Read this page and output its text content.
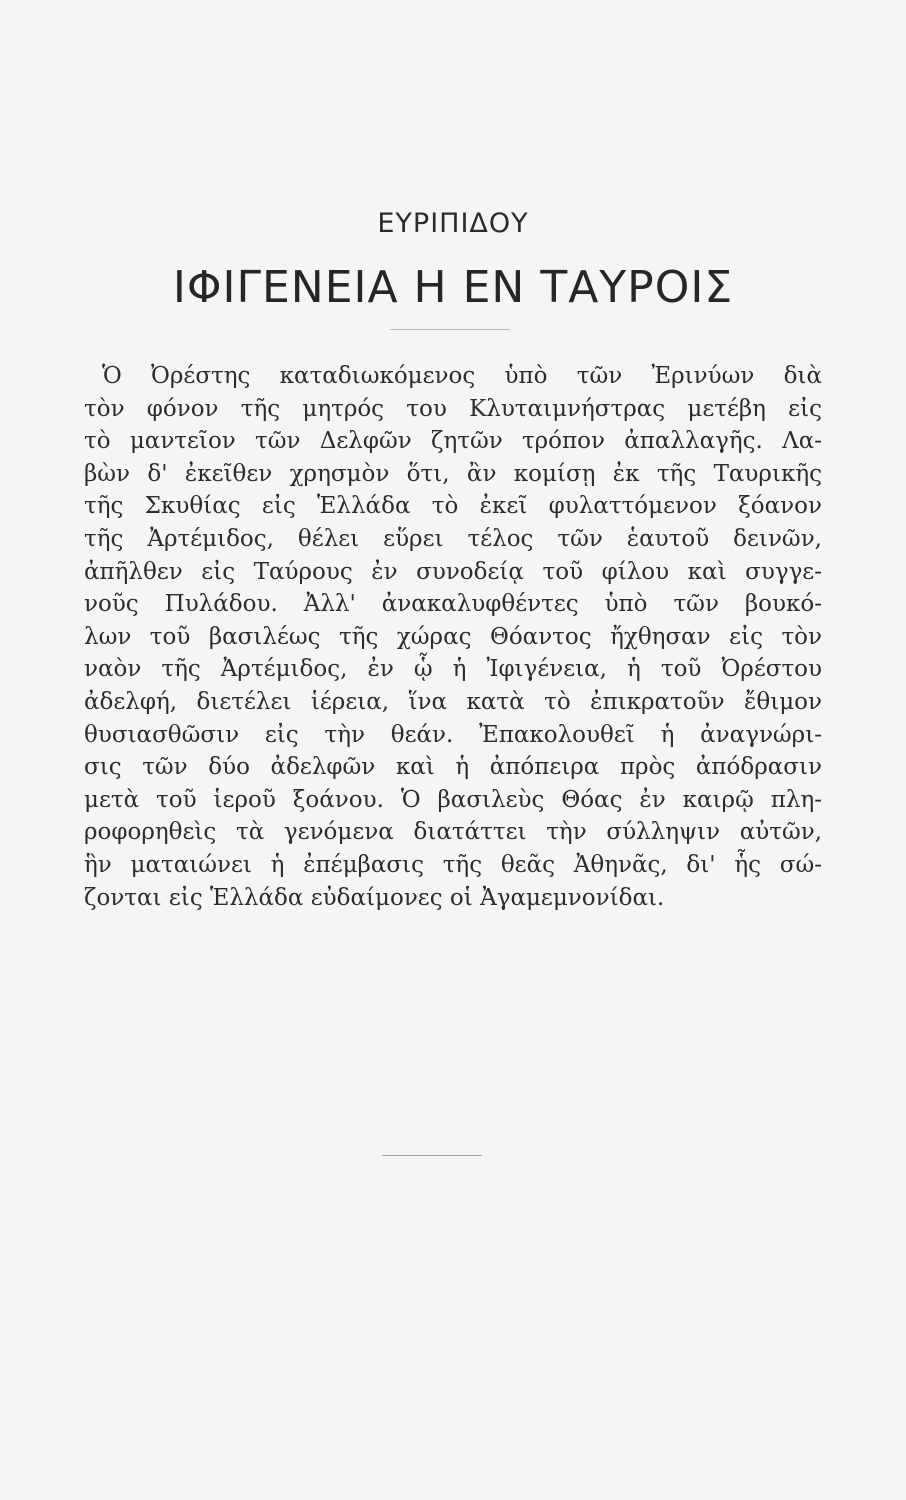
ΕΥΡΙΠΙΔΟΥ
ΙΦΙΓΕΝΕΙΑ Η ΕΝ ΤΑΥΡΟΙΣ
Ὁ Ὀρέστης καταδιωκόμενος ὑπὸ τῶν Ἐρινύων διὰ
τὸν φόνον τῆς μητρός του Κλυταιμνήστρας μετέβη εἰς
τὸ μαντεῖον τῶν Δελφῶν ζητῶν τρόπον ἀπαλλαγῆς. Λα-
βὼν δ' ἐκεῖθεν χρησμὸν ὅτι, ἂν κομίσῃ ἐκ τῆς Ταυρικῆς
τῆς Σκυθίας εἰς Ἑλλάδα τὸ ἐκεῖ φυλαττόμενον ξόανον
τῆς Ἀρτέμιδος, θέλει εὕρει τέλος τῶν ἑαυτοῦ δεινῶν,
ἀπῆλθεν εἰς Ταύρους ἐν συνοδείᾳ τοῦ φίλου καὶ συγγε-
νοῦς Πυλάδου. Ἀλλ' ἀνακαλυφθέντες ὑπὸ τῶν βουκό-
λων τοῦ βασιλέως τῆς χώρας Θόαντος ἤχθησαν εἰς τὸν
ναὸν τῆς Ἀρτέμιδος, ἐν ᾧ ἡ Ἰφιγένεια, ἡ τοῦ Ὀρέστου
ἀδελφή, διετέλει ἱέρεια, ἵνα κατὰ τὸ ἐπικρατοῦν ἔθιμον
θυσιασθῶσιν εἰς τὴν θεάν. Ἐπακολουθεῖ ἡ ἀναγνώρι-
σις τῶν δύο ἀδελφῶν καὶ ἡ ἀπόπειρα πρὸς ἀπόδρασιν
μετὰ τοῦ ἱεροῦ ξοάνου. Ὁ βασιλεὺς Θόας ἐν καιρῷ πλη-
ροφορηθεὶς τὰ γενόμενα διατάττει τὴν σύλληψιν αὐτῶν,
ἣν ματαιώνει ἡ ἐπέμβασις τῆς θεᾶς Ἀθηνᾶς, δι' ἧς σώ-
ζονται εἰς Ἑλλάδα εὐδαίμονες οἱ Ἀγαμεμνονίδαι.
